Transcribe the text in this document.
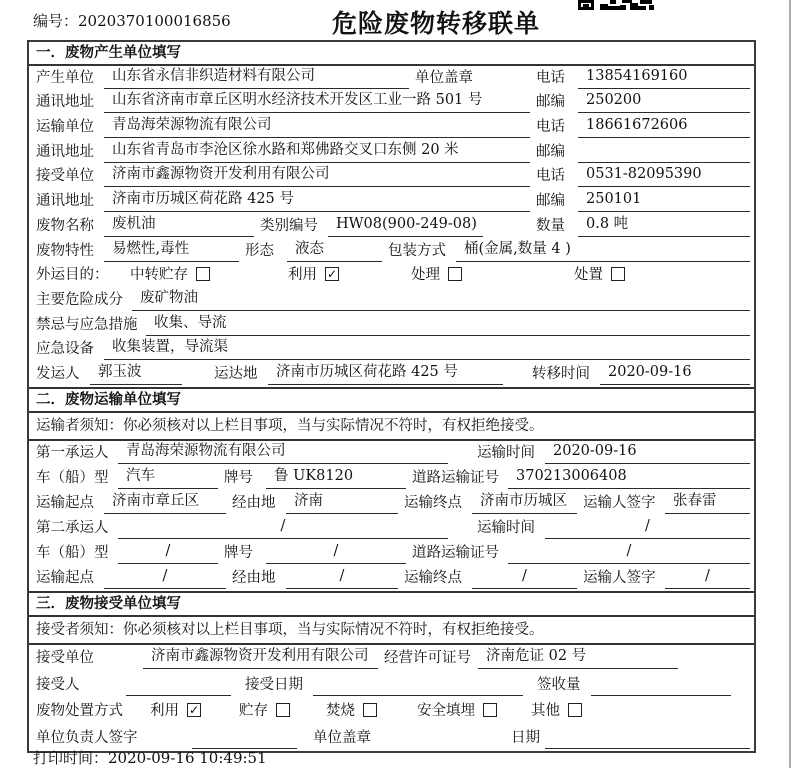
编号：2020370100016856	危险废物转移联单
一．废物产生单位填写
产生单位	山东省永信非织造材料有限公司	单位盖章	电话	13854169160
通讯地址	山东省济南市章丘区明水经济技术开发区工业一路 501 号	邮编	250200
运输单位	青岛海荣源物流有限公司	电话	18661672606
通讯地址	山东省青岛市李沧区徐水路和郑佛路交叉口东侧 20 米	邮编
接受单位	济南市鑫源物资开发利用有限公司	电话	0531-82095390
通讯地址	济南市历城区荷花路 425 号	邮编	250101
废物名称	废机油	类别编号	HW08(900-249-08)	数量	0.8 吨
废物特性	易燃性,毒性	形态	液态	包装方式	桶(金属,数量 4 )
外运目的：	中转贮存	利用 ✓	处理	处置
主要危险成分	废矿物油
禁忌与应急措施	收集、导流
应急设备	收集装置，导流渠
发运人	郭玉波	运达地	济南市历城区荷花路 425 号	转移时间	2020-09-16
二．废物运输单位填写
运输者须知：你必须核对以上栏目事项，当与实际情况不符时，有权拒绝接受。
第一承运人	青岛海荣源物流有限公司	运输时间	2020-09-16
车（船）型	汽车	牌号	鲁 UK8120	道路运输证号	370213006408
运输起点	济南市章丘区	经由地	济南	运输终点	济南市历城区	运输人签字	张春雷
第二承运人	/	运输时间	/
车（船）型	/	牌号	/	道路运输证号	/
运输起点	/	经由地	/	运输终点	/	运输人签字	/
三．废物接受单位填写
接受者须知：你必须核对以上栏目事项，当与实际情况不符时，有权拒绝接受。
接受单位	济南市鑫源物资开发利用有限公司	经营许可证号	济南危证 02 号
接受人	接受日期	签收量
废物处置方式 利用 ✓	贮存	焚烧	安全填埋	其他
单位负责人签字	单位盖章	日期
打印时间：2020-09-16 10:49:51
